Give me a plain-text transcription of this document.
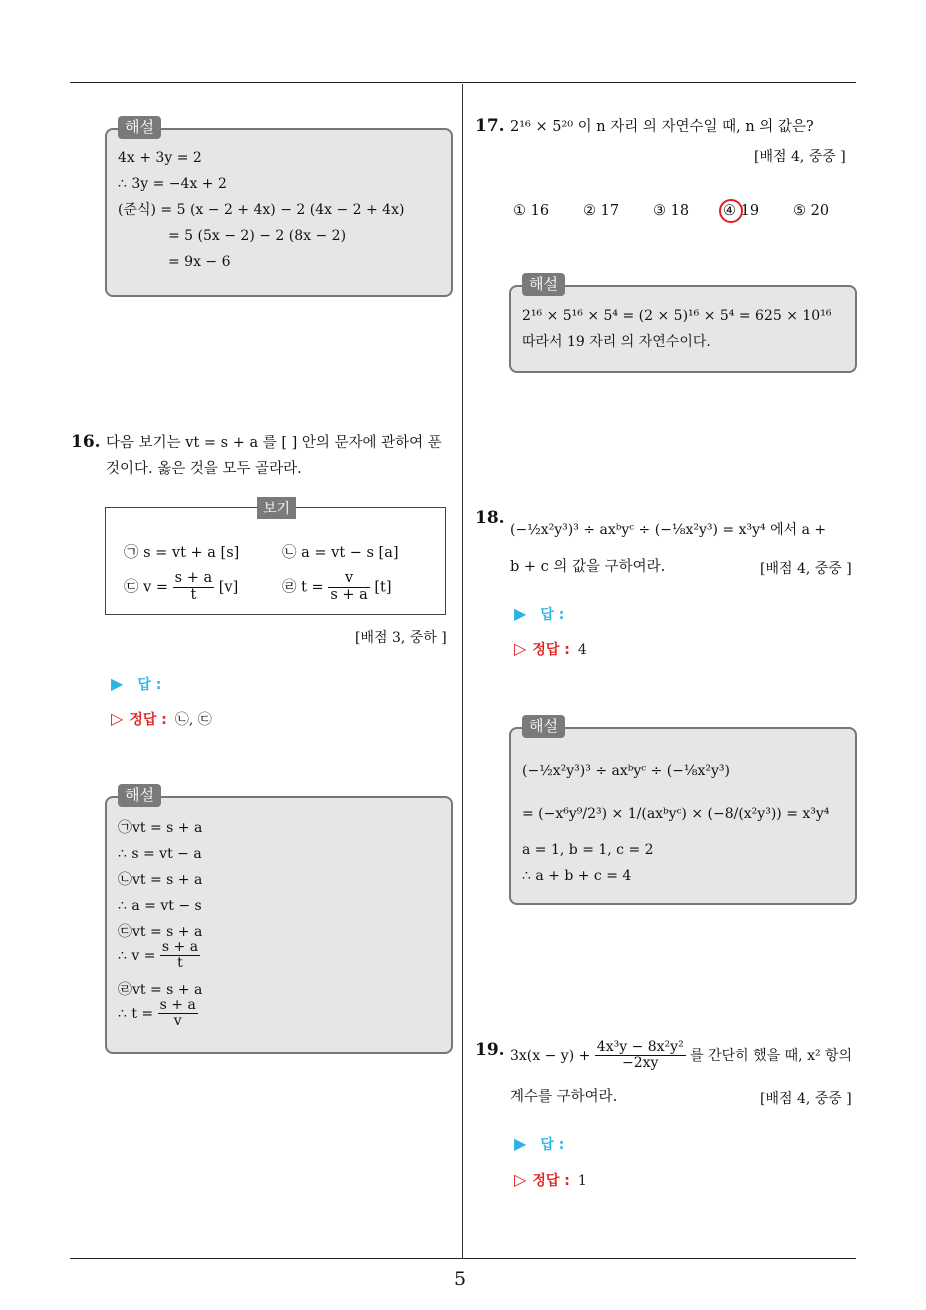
5
해설
4x + 3y = 2
∴ 3y = −4x + 2
(준식) = 5 (x − 2 + 4x) − 2 (4x − 2 + 4x)
= 5 (5x − 2) − 2 (8x − 2)
= 9x − 6
16. 다음 보기는 vt = s + a 를 [ ] 안의 문자에 관하여 푼
것이다. 옳은 것을 모두 골라라.
보기
㉠ s = vt + a [s]	㉡ a = vt − s [a]
㉢ $v = \frac{s + a}{t} [v]$	㉣ $t = \frac{v}{s + a} [t]$
[배점 3, 중하 ]
▶ 답 :
▷ 정답 : ㉡, ㉢
해설
㉠vt = s + a
∴ s = vt − a
㉡vt = s + a
∴ a = vt − s
㉢vt = s + a
∴ $v = \frac{s + a}{t}$
㉣vt = s + a
∴ $t = \frac{s + a}{v}$
17. 2¹⁶ × 5²⁰ 이 n 자리 의 자연수일 때, n 의 값은?
[배점 4, 중중 ]
① 16 ② 17 ③ 18 ④ 19 ⑤ 20
해설
2¹⁶ × 5¹⁶ × 5⁴ = (2 × 5)¹⁶ × 5⁴ = 625 × 10¹⁶
따라서 19 자리 의 자연수이다.
18.
(−½x²y³)³ ÷ axᵇyᶜ ÷ (−⅛x²y³) = x³y⁴ 에서 a +
b + c 의 값을 구하여라.	[배점 4, 중중 ]
▶ 답 :
▷ 정답 : 4
해설
(−½x²y³)³ ÷ axᵇyᶜ ÷ (−⅛x²y³)
= (−x⁶y⁹/2³) × 1/(axᵇyᶜ) × (−8/(x²y³)) = x³y⁴
a = 1, b = 1, c = 2
∴ a + b + c = 4
19. $3x(x - y) + \frac{\text{4x³y − 8x²y²}}{-2xy}$ 를 간단히 했을 때, x² 항의
계수를 구하여라.	[배점 4, 중중 ]
▶ 답 :
▷ 정답 : 1
